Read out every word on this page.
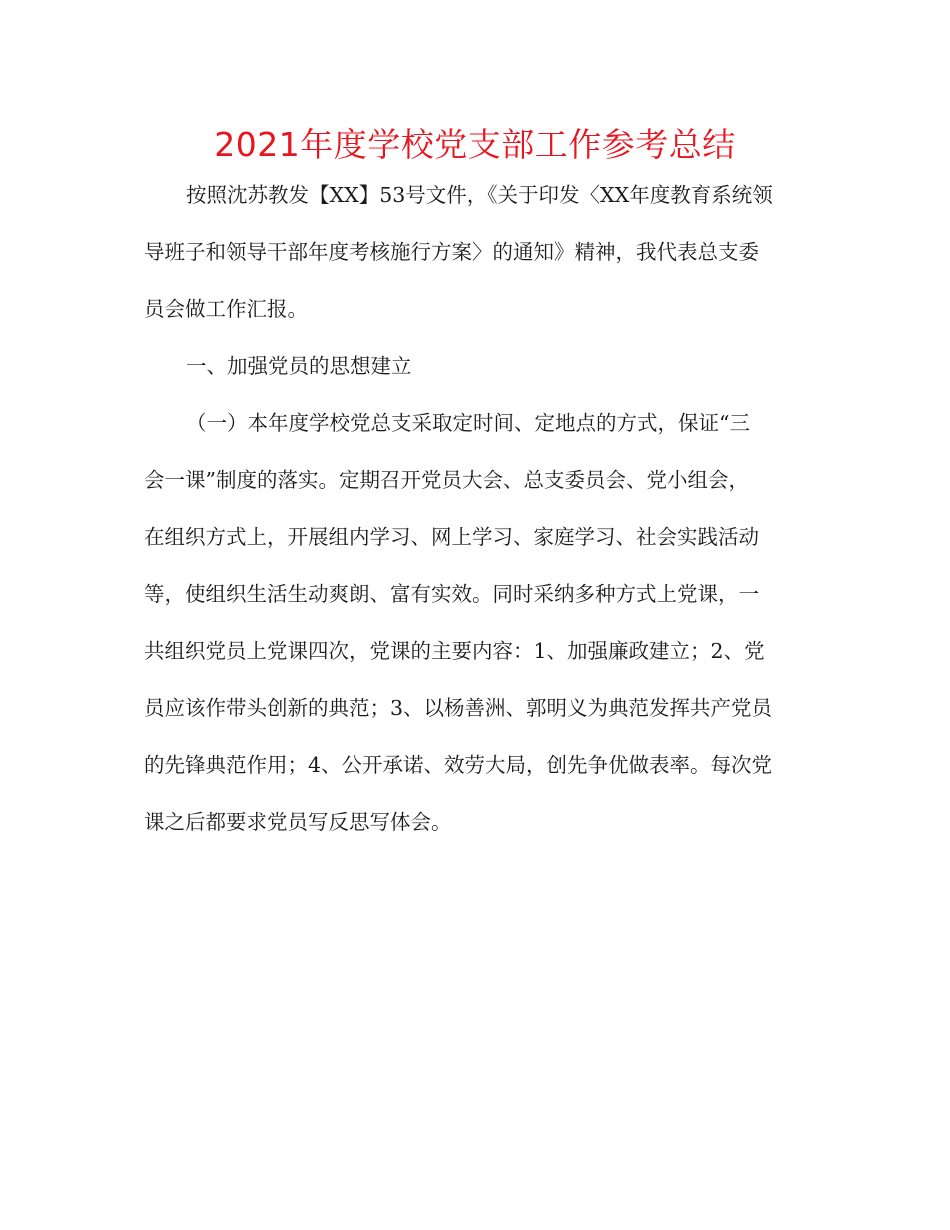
2021年度学校党支部工作参考总结
按照沈苏教发【XX】53号文件，《关于印发〈XX年度教育系统领
导班子和领导干部年度考核施行方案〉的通知》精神，我代表总支委
员会做工作汇报。
一、加强党员的思想建立
（一）本年度学校党总支采取定时间、定地点的方式，保证“三
会一课”制度的落实。定期召开党员大会、总支委员会、党小组会，
在组织方式上，开展组内学习、网上学习、家庭学习、社会实践活动
等，使组织生活生动爽朗、富有实效。同时采纳多种方式上党课，一
共组织党员上党课四次，党课的主要内容：1、加强廉政建立；2、党
员应该作带头创新的典范；3、以杨善洲、郭明义为典范发挥共产党员
的先锋典范作用；4、公开承诺、效劳大局，创先争优做表率。每次党
课之后都要求党员写反思写体会。
